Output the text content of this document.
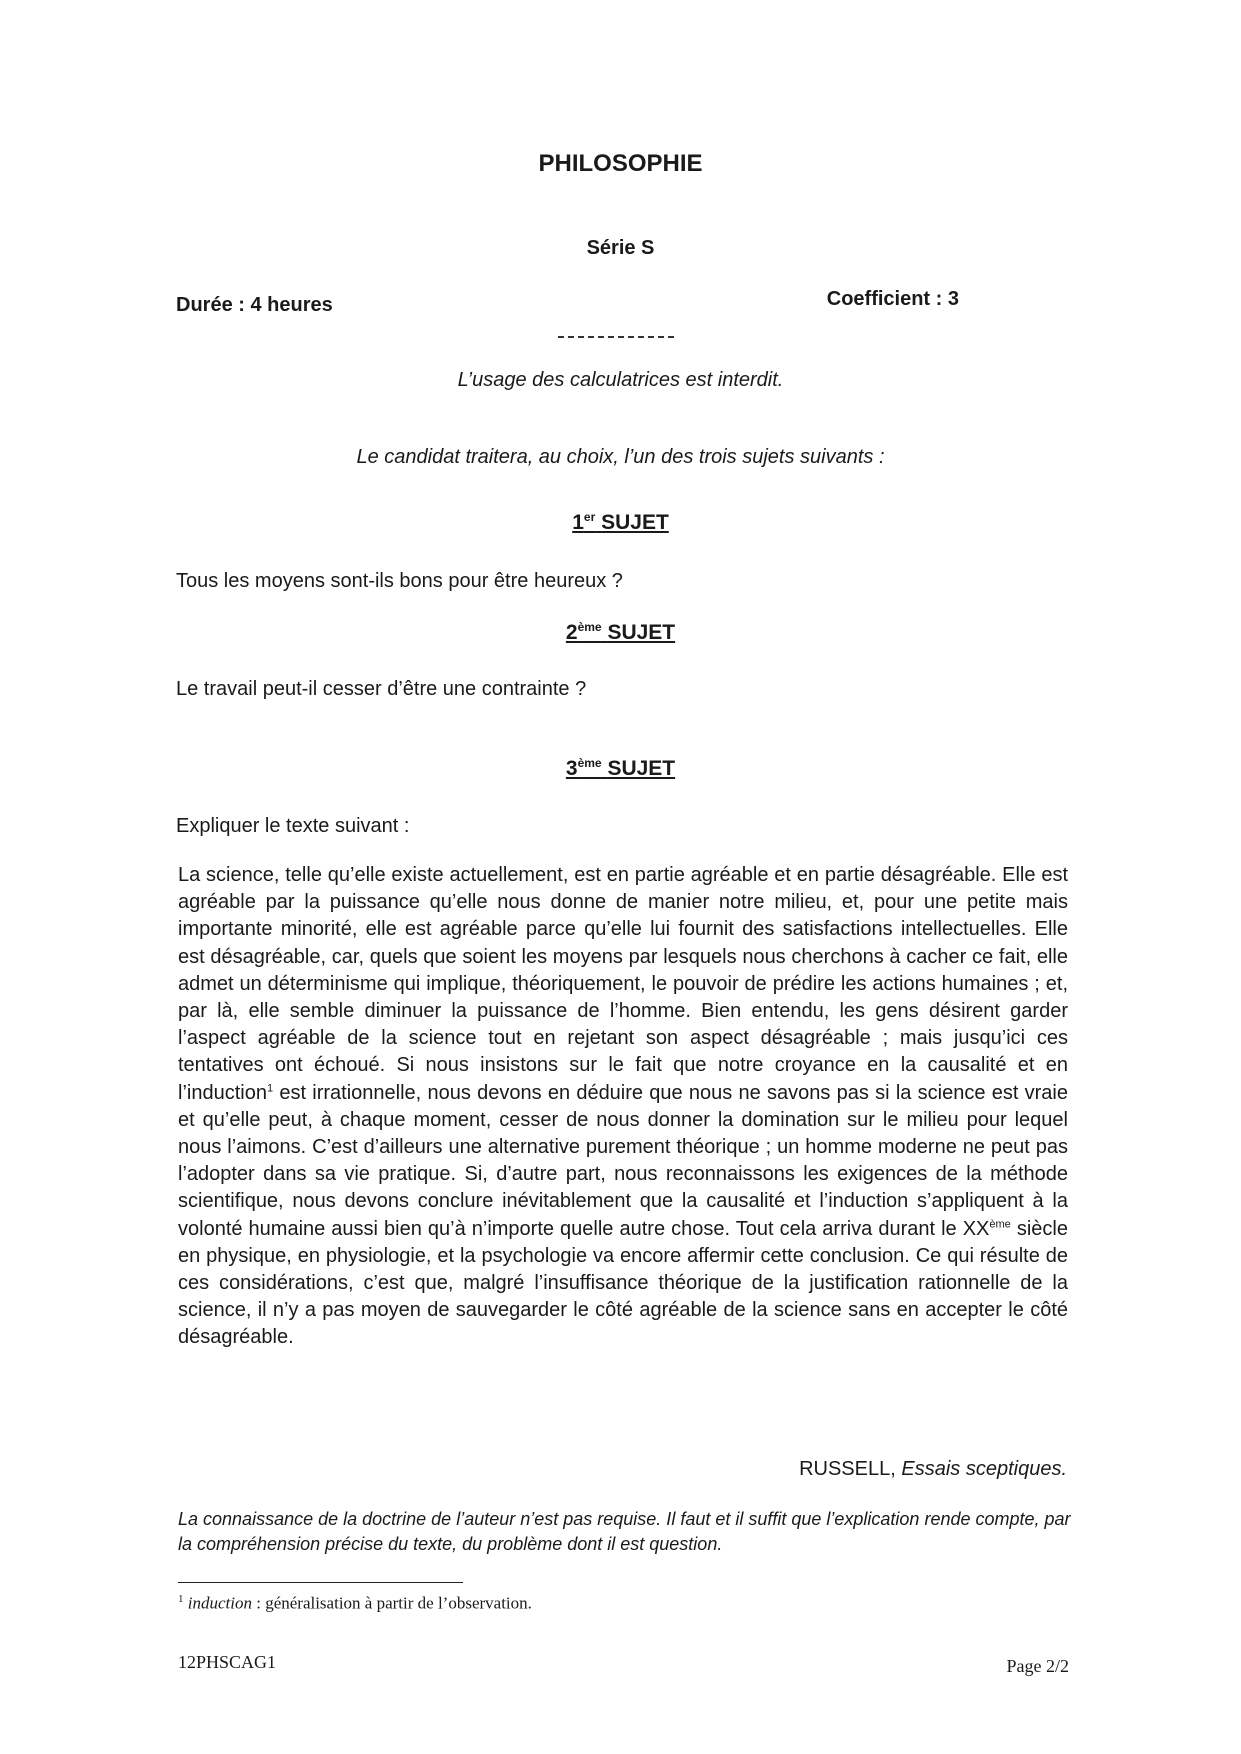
PHILOSOPHIE
Série S
Durée : 4 heures	Coefficient : 3
L’usage des calculatrices est interdit.
Le candidat traitera, au choix, l’un des trois sujets suivants :
1er SUJET
Tous les moyens sont-ils bons pour être heureux ?
2ème SUJET
Le travail peut-il cesser d’être une contrainte ?
3ème SUJET
Expliquer le texte suivant :
La science, telle qu’elle existe actuellement, est en partie agréable et en partie désagréable. Elle est agréable par la puissance qu’elle nous donne de manier notre milieu, et, pour une petite mais importante minorité, elle est agréable parce qu’elle lui fournit des satisfactions intellectuelles. Elle est désagréable, car, quels que soient les moyens par lesquels nous cherchons à cacher ce fait, elle admet un déterminisme qui implique, théoriquement, le pouvoir de prédire les actions humaines ; et, par là, elle semble diminuer la puissance de l’homme. Bien entendu, les gens désirent garder l’aspect agréable de la science tout en rejetant son aspect désagréable ; mais jusqu’ici ces tentatives ont échoué. Si nous insistons sur le fait que notre croyance en la causalité et en l’induction$^1$ est irrationnelle, nous devons en déduire que nous ne savons pas si la science est vraie et qu’elle peut, à chaque moment, cesser de nous donner la domination sur le milieu pour lequel nous l’aimons. C’est d’ailleurs une alternative purement théorique ; un homme moderne ne peut pas l’adopter dans sa vie pratique. Si, d’autre part, nous reconnaissons les exigences de la méthode scientifique, nous devons conclure inévitablement que la causalité et l’induction s’appliquent à la volonté humaine aussi bien qu’à n’importe quelle autre chose. Tout cela arriva durant le XXème siècle en physique, en physiologie, et la psychologie va encore affermir cette conclusion. Ce qui résulte de ces considérations, c’est que, malgré l’insuffisance théorique de la justification rationnelle de la science, il n’y a pas moyen de sauvegarder le côté agréable de la science sans en accepter le côté désagréable.
RUSSELL, Essais sceptiques.
La connaissance de la doctrine de l’auteur n’est pas requise. Il faut et il suffit que l’explication rende compte, par la compréhension précise du texte, du problème dont il est question.
$^1$ induction : généralisation à partir de l’observation.
12PHSCAG1	Page 2/2
